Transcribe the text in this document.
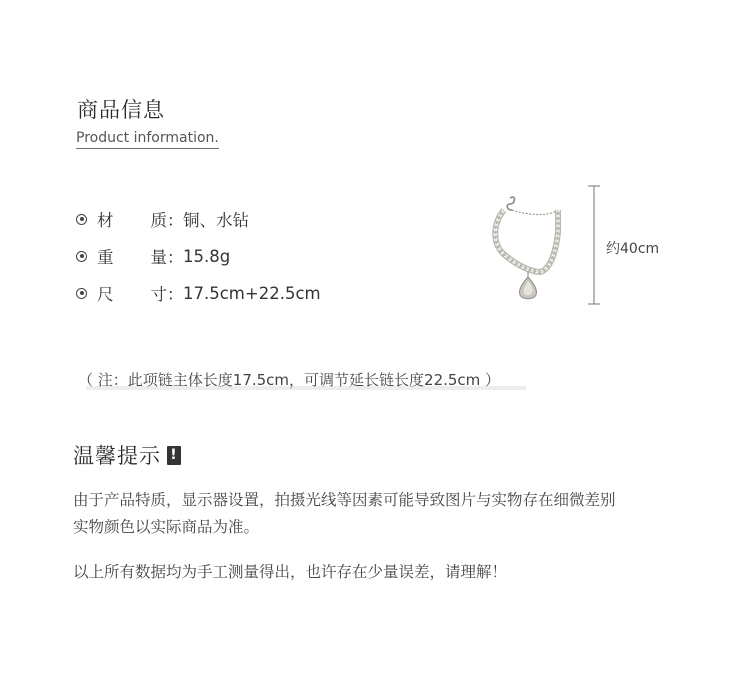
商品信息
Product information.
材 质 ： 铜、水钻
重 量 ： 15.8g
尺 寸 ： 17.5cm+22.5cm
约40cm
（ 注：此项链主体长度17.5cm，可调节延长链长度22.5cm ）
温馨提示 !
由于产品特质，显示器设置，拍摄光线等因素可能导致图片与实物存在细微差别
实物颜色以实际商品为准。
以上所有数据均为手工测量得出，也许存在少量误差，请理解！
